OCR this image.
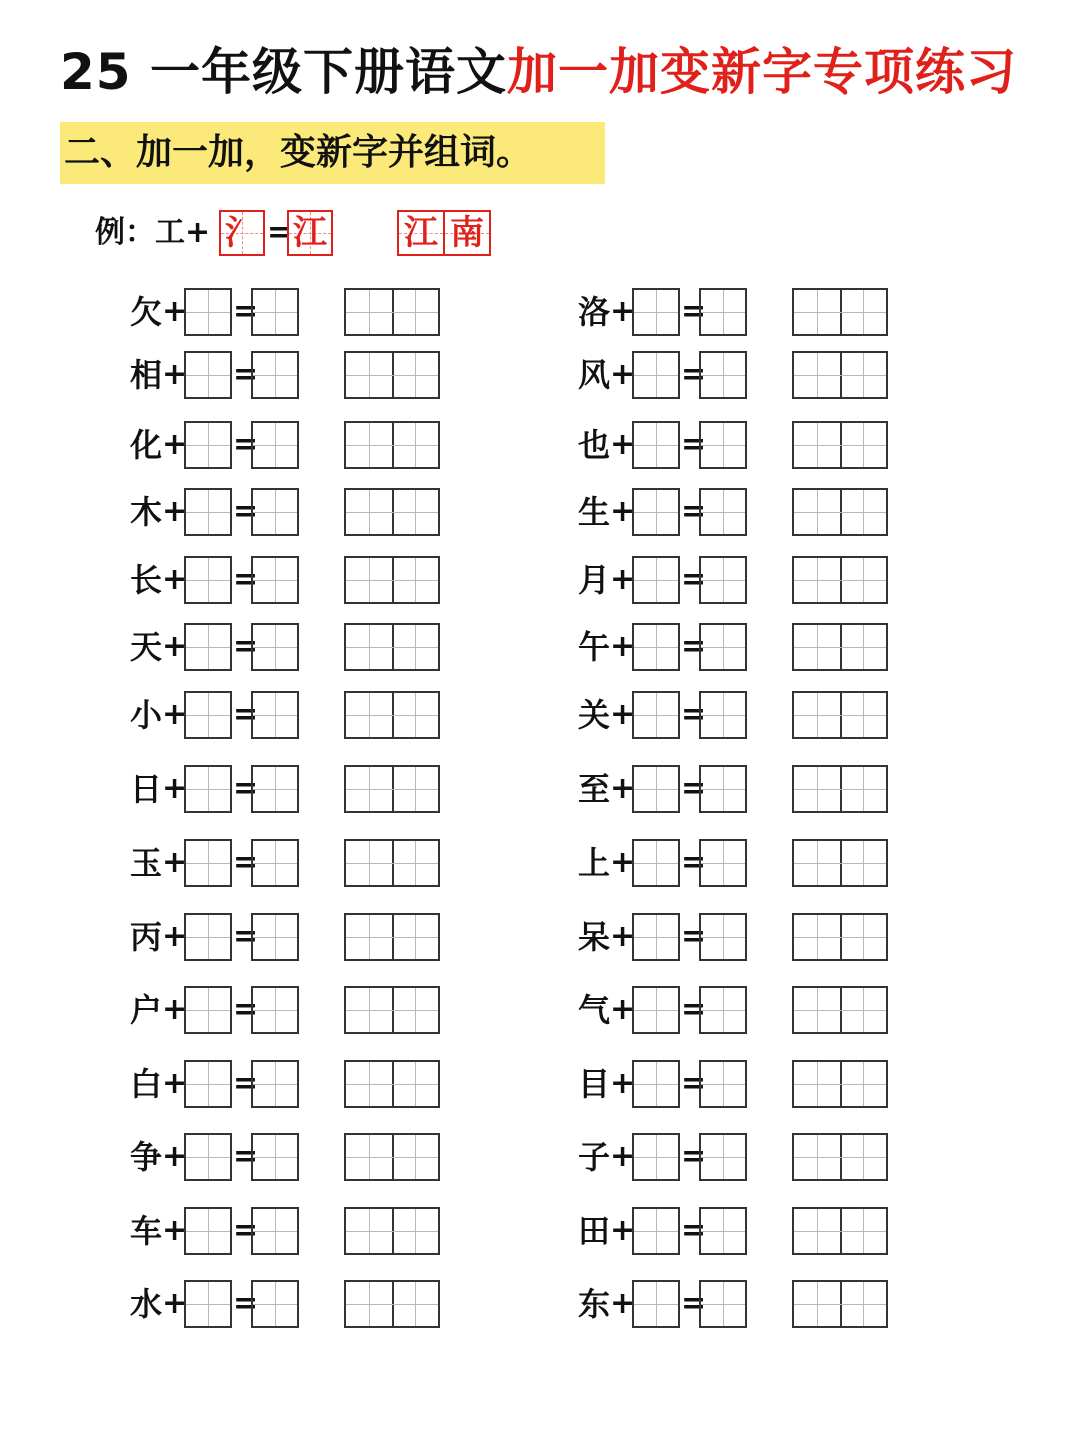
25 一年级下册语文加一加变新字专项练习
二、加一加，变新字并组词。
例：工+ 氵 = 江 江 南
欠 + =
相 + =
化 + =
木 + =
长 + =
天 + =
小 + =
日 + =
玉 + =
丙 + =
户 + =
白 + =
争 + =
车 + =
水 + =
洛 + =
风 + =
也 + =
生 + =
月 + =
午 + =
关 + =
至 + =
上 + =
呆 + =
气 + =
目 + =
子 + =
田 + =
东 + =
